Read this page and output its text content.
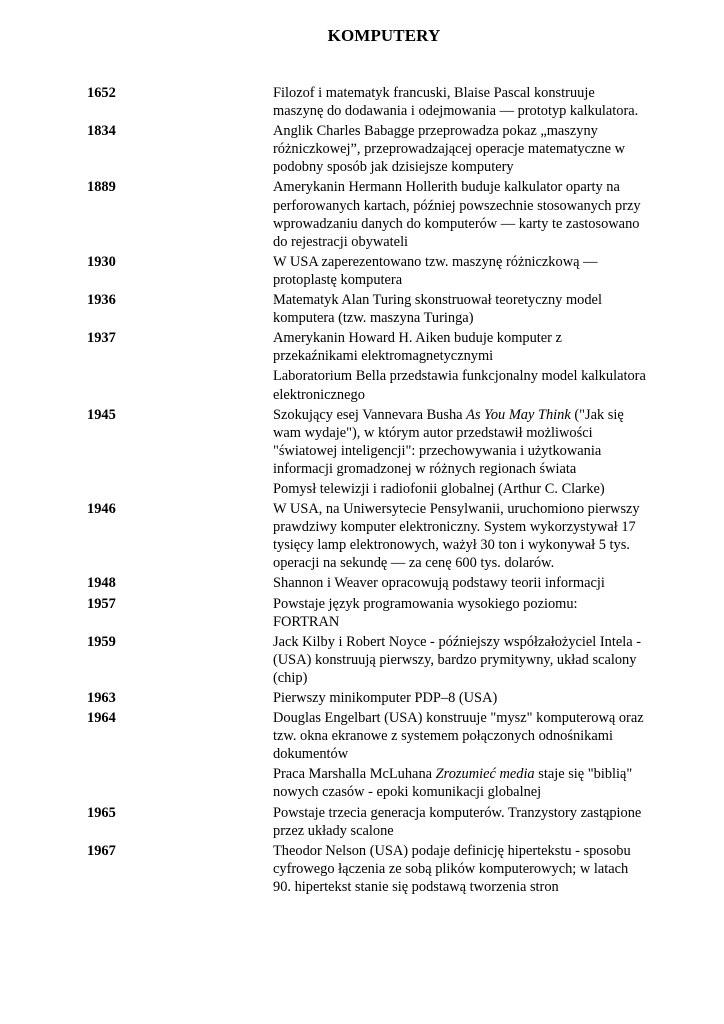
KOMPUTERY
1652	Filozof i matematyk francuski, Blaise Pascal konstruuje maszynę do dodawania i odejmowania — prototyp kalkulatora.
1834	Anglik Charles Babagge przeprowadza pokaz „maszyny różniczkowej”, przeprowadzającej operacje matematyczne w podobny sposób jak dzisiejsze komputery
1889	Amerykanin Hermann Hollerith buduje kalkulator oparty na perforowanych kartach, później powszechnie stosowanych przy wprowadzaniu danych do komputerów — karty te zastosowano do rejestracji obywateli
1930	W USA zaperezentowano tzw. maszynę różniczkową — protoplastę komputera
1936	Matematyk Alan Turing skonstruował teoretyczny model komputera (tzw. maszyna Turinga)
1937	Amerykanin Howard H. Aiken buduje komputer z przekaźnikami elektromagnetycznymi
Laboratorium Bella przedstawia funkcjonalny model kalkulatora elektronicznego
1945	Szokujący esej Vannevara Busha As You May Think ("Jak się wam wydaje"), w którym autor przedstawił możliwości "światowej inteligencji": przechowywania i użytkowania informacji gromadzonej w różnych regionach świata
Pomysł telewizji i radiofonii globalnej (Arthur C. Clarke)
1946	W USA, na Uniwersytecie Pensylwanii, uruchomiono pierwszy prawdziwy komputer elektroniczny. System wykorzystywał 17 tysięcy lamp elektronowych, ważył 30 ton i wykonywał 5 tys. operacji na sekundę — za cenę 600 tys. dolarów.
1948	Shannon i Weaver opracowują podstawy teorii informacji
1957	Powstaje język programowania wysokiego poziomu: FORTRAN
1959	Jack Kilby i Robert Noyce - późniejszy współzałożyciel Intela - (USA) konstruują pierwszy, bardzo prymitywny, układ scalony (chip)
1963	Pierwszy minikomputer PDP–8 (USA)
1964	Douglas Engelbart (USA) konstruuje "mysz" komputerową oraz tzw. okna ekranowe z systemem połączonych odnośnikami dokumentów
Praca Marshalla McLuhana Zrozumieć media staje się "biblią" nowych czasów - epoki komunikacji globalnej
1965	Powstaje trzecia generacja komputerów. Tranzystory zastąpione przez układy scalone
1967	Theodor Nelson (USA) podaje definicję hipertekstu - sposobu cyfrowego łączenia ze sobą plików komputerowych; w latach 90. hipertekst stanie się podstawą tworzenia stron
